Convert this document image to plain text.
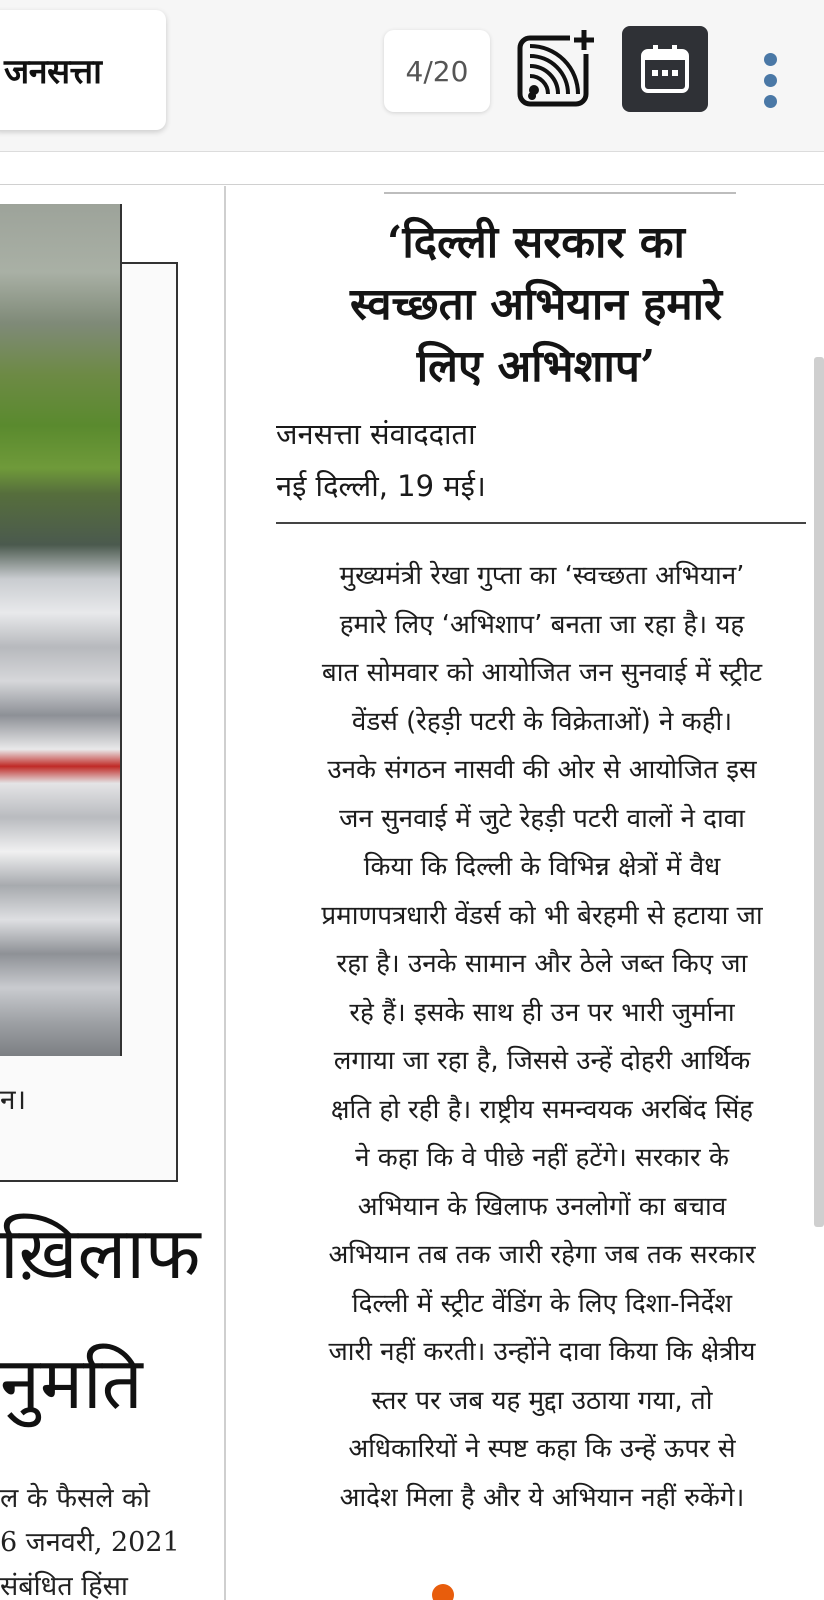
जनसत्ता	4/20
न।
ख़िलाफ
नुमति
ल के फैसले को
6 जनवरी, 2021
संबंधित हिंसा
‘दिल्ली सरकार का
स्वच्छता अभियान हमारे
लिए अभिशाप’
जनसत्ता संवाददाता
नई दिल्ली, 19 मई।
मुख्यमंत्री रेखा गुप्ता का ‘स्वच्छता अभियान’
हमारे लिए ‘अभिशाप’ बनता जा रहा है। यह
बात सोमवार को आयोजित जन सुनवाई में स्ट्रीट
वेंडर्स (रेहड़ी पटरी के विक्रेताओं) ने कही।
उनके संगठन नासवी की ओर से आयोजित इस
जन सुनवाई में जुटे रेहड़ी पटरी वालों ने दावा
किया कि दिल्ली के विभिन्न क्षेत्रों में वैध
प्रमाणपत्रधारी वेंडर्स को भी बेरहमी से हटाया जा
रहा है। उनके सामान और ठेले जब्त किए जा
रहे हैं। इसके साथ ही उन पर भारी जुर्माना
लगाया जा रहा है, जिससे उन्हें दोहरी आर्थिक
क्षति हो रही है। राष्ट्रीय समन्वयक अरबिंद सिंह
ने कहा कि वे पीछे नहीं हटेंगे। सरकार के
अभियान के खिलाफ उनलोगों का बचाव
अभियान तब तक जारी रहेगा जब तक सरकार
दिल्ली में स्ट्रीट वेंडिंग के लिए दिशा-निर्देश
जारी नहीं करती। उन्होंने दावा किया कि क्षेत्रीय
स्तर पर जब यह मुद्दा उठाया गया, तो
अधिकारियों ने स्पष्ट कहा कि उन्हें ऊपर से
आदेश मिला है और ये अभियान नहीं रुकेंगे।
